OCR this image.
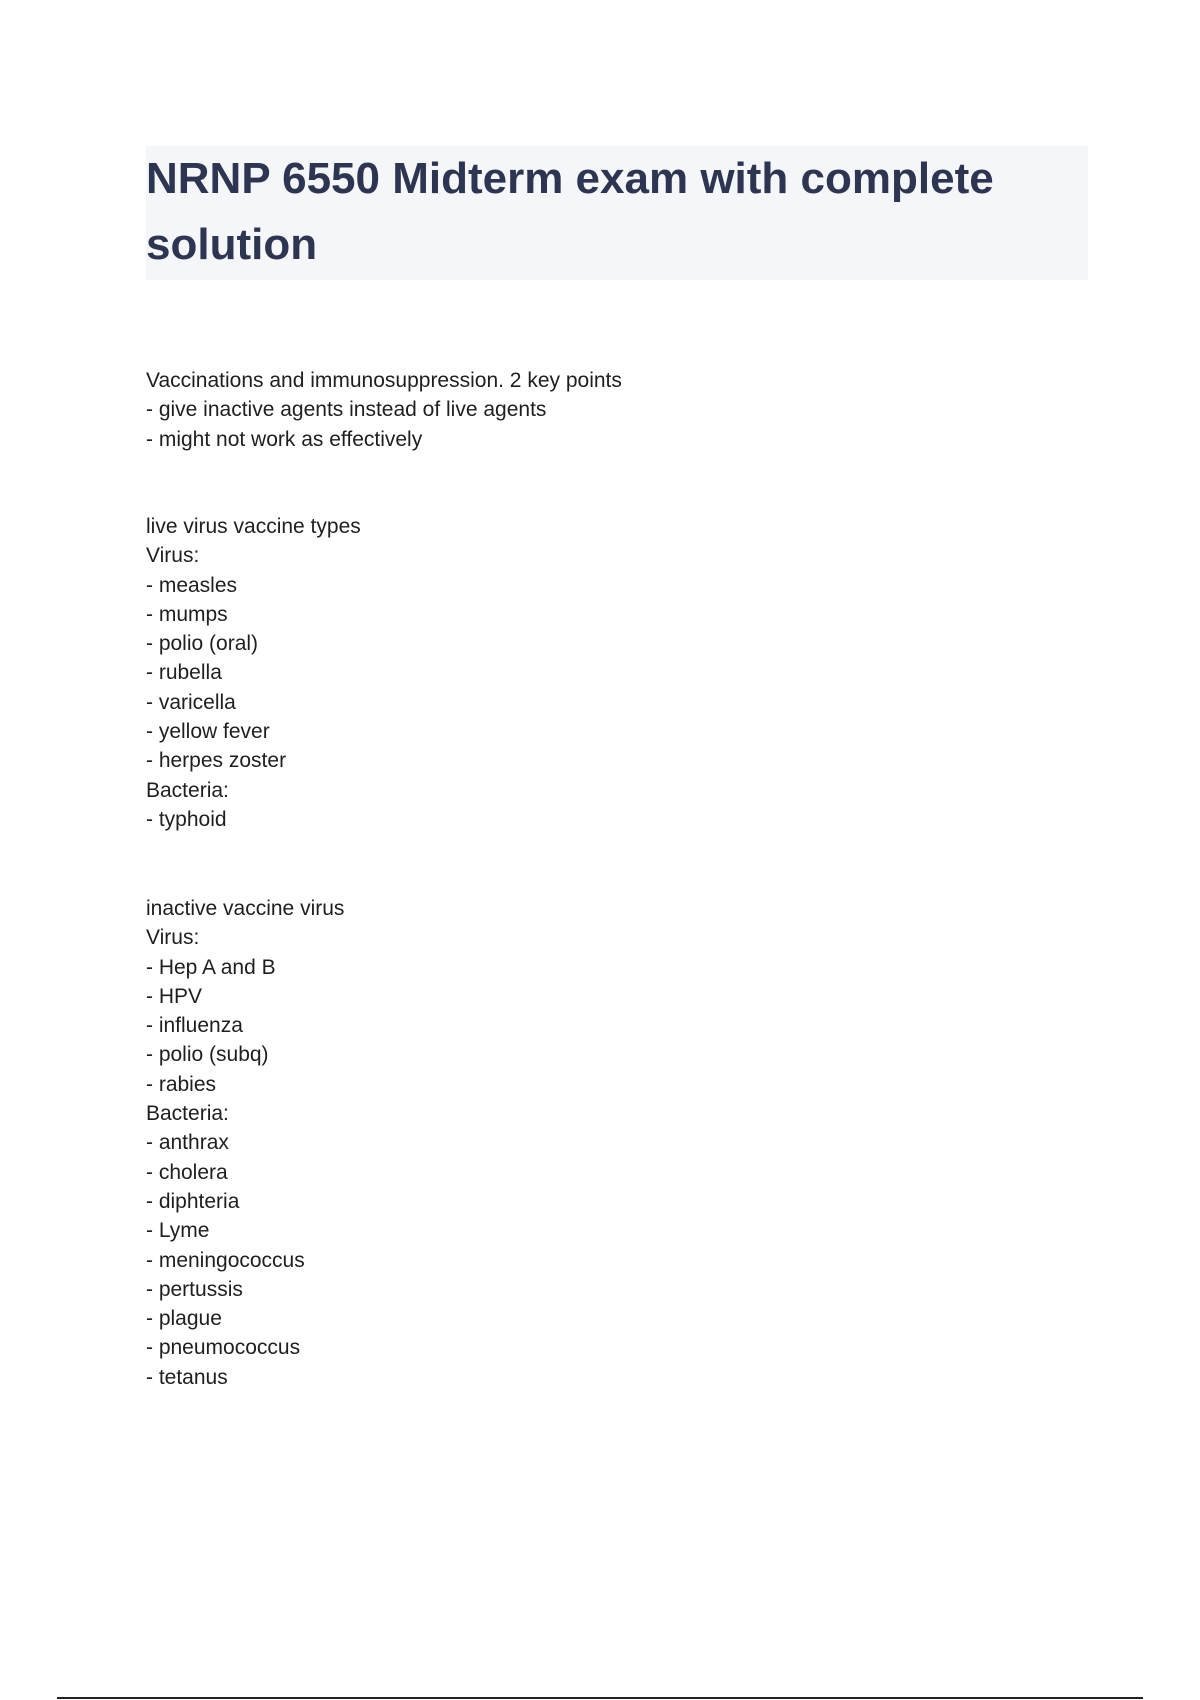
NRNP 6550 Midterm exam with complete solution
Vaccinations and immunosuppression. 2 key points
- give inactive agents instead of live agents
- might not work as effectively
live virus vaccine types
Virus:
- measles
- mumps
- polio (oral)
- rubella
- varicella
- yellow fever
- herpes zoster
Bacteria:
- typhoid
inactive vaccine virus
Virus:
- Hep A and B
- HPV
- influenza
- polio (subq)
- rabies
Bacteria:
- anthrax
- cholera
- diphteria
- Lyme
- meningococcus
- pertussis
- plague
- pneumococcus
- tetanus
